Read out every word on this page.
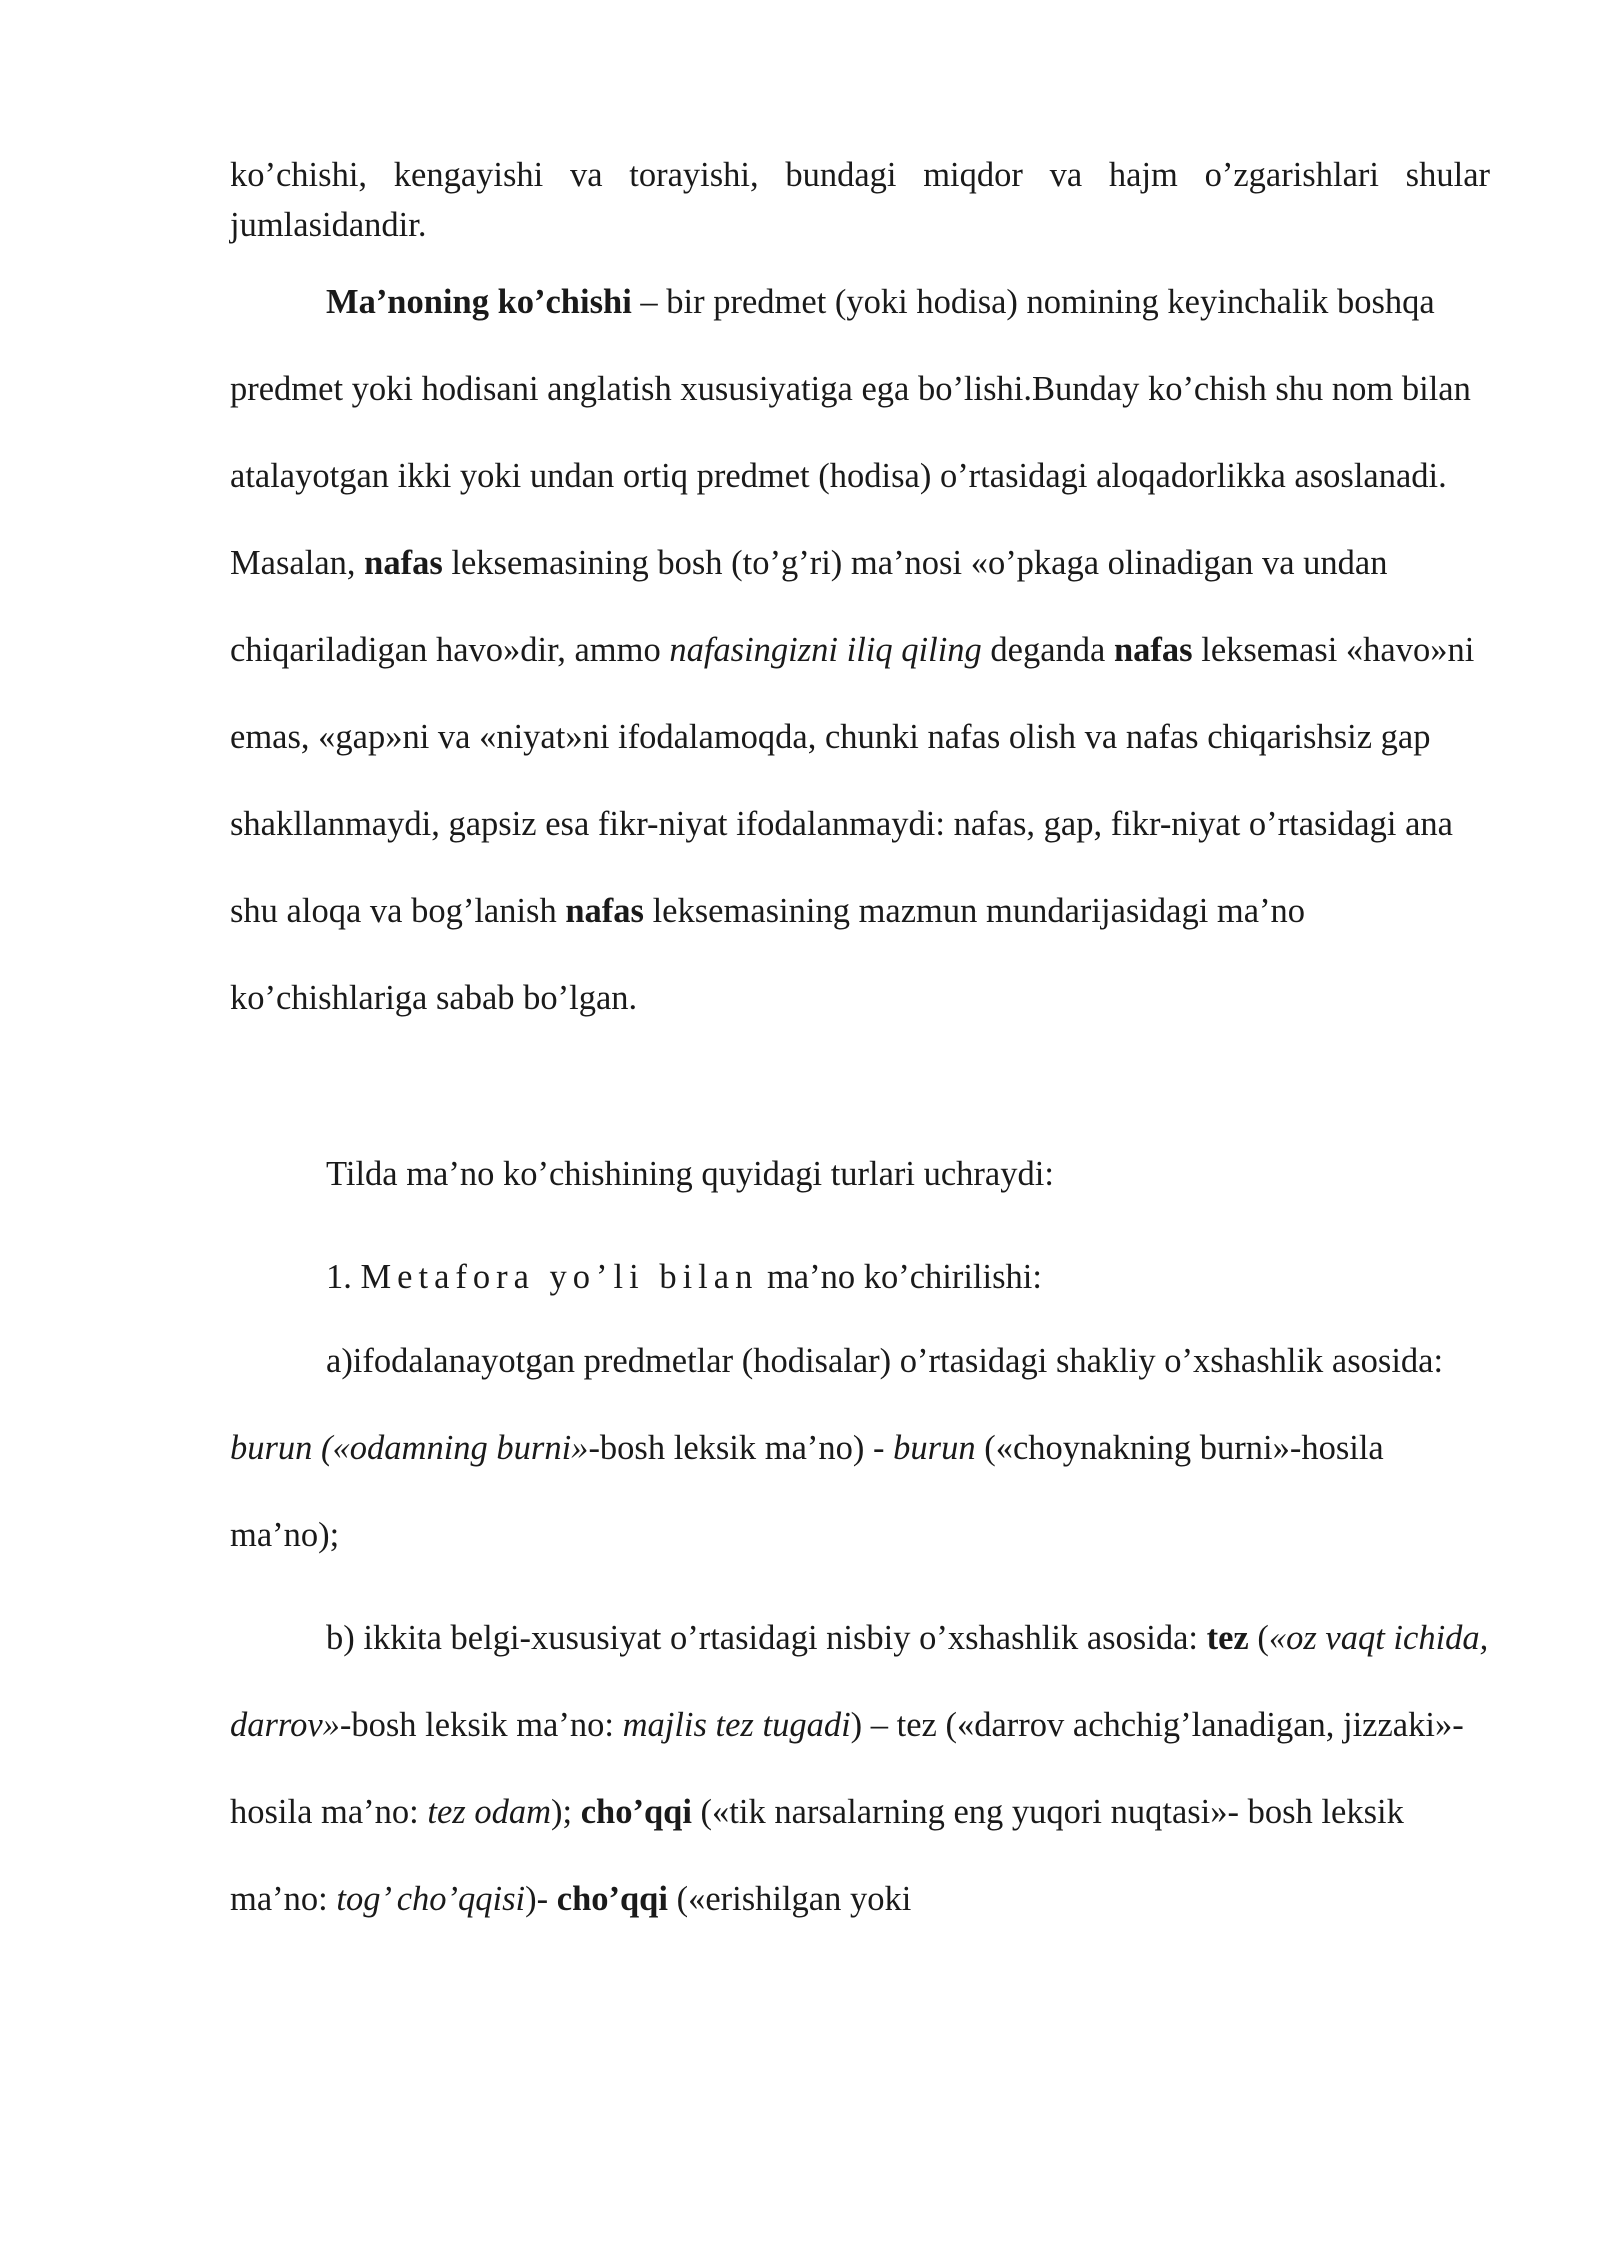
ko’chishi, kengayishi va torayishi, bundagi miqdor va hajm o’zgarishlari shular
jumlasidandir.

Ma’noning ko’chishi – bir predmet (yoki hodisa) nomining keyinchalik boshqa predmet yoki hodisani anglatish xususiyatiga ega bo’lishi.Bunday ko’chish shu nom bilan atalayotgan ikki yoki undan ortiq predmet (hodisa) o’rtasidagi aloqadorlikka asoslanadi. Masalan, nafas leksemasining bosh (to’g’ri) ma’nosi «o’pkaga olinadigan va undan chiqariladigan havo»dir, ammo nafasingizni iliq qiling deganda nafas leksemasi «havo»ni emas, «gap»ni va «niyat»ni ifodalamoqda, chunki nafas olish va nafas chiqarishsiz gap shakllanmaydi, gapsiz esa fikr-niyat ifodalanmaydi: nafas, gap, fikr-niyat o’rtasidagi ana shu aloqa va bog’lanish nafas leksemasining mazmun mundarijasidagi ma’no ko’chishlariga sabab bo’lgan.

Tilda ma’no ko’chishining quyidagi turlari uchraydi:

1. Metafora yo’li bilan ma’no ko’chirilishi:

a)ifodalanayotgan predmetlar (hodisalar) o’rtasidagi shakliy o’xshashlik asosida: burun («odamning burni»-bosh leksik ma’no) - burun («choynakning burni»-hosila ma’no);

b) ikkita belgi-xususiyat o’rtasidagi nisbiy o’xshashlik asosida: tez («oz vaqt ichida, darrov»-bosh leksik ma’no: majlis tez tugadi) – tez («darrov achchig’lanadigan, jizzaki»- hosila ma’no: tez odam); cho’qqi («tik narsalarning eng yuqori nuqtasi»- bosh leksik ma’no: tog’ cho’qqisi)- cho’qqi («erishilgan yoki
